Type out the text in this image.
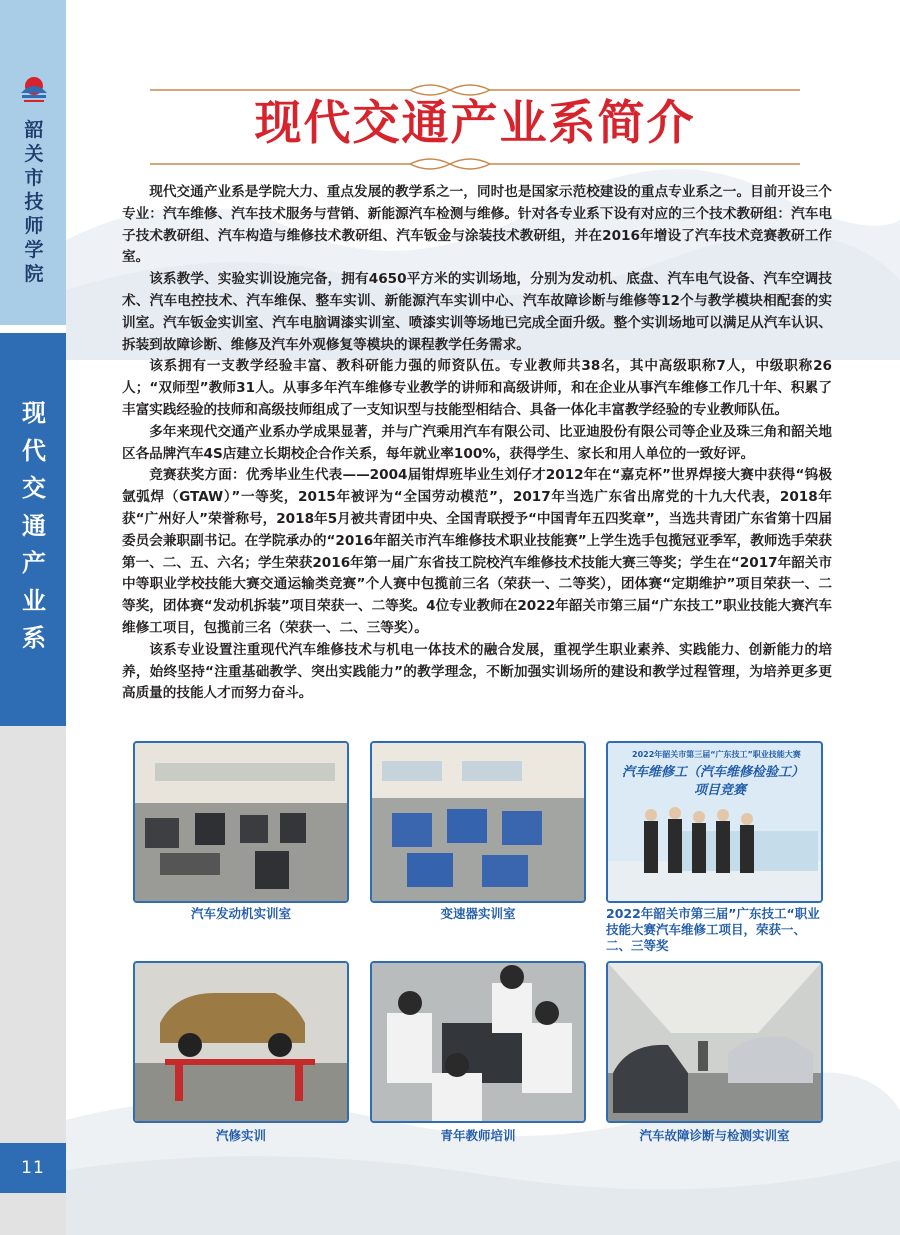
韶关市技师学院
现代交通产业系
11
现代交通产业系简介

现代交通产业系是学院大力、重点发展的教学系之一，同时也是国家示范校建设的重点专业系之一。目前开设三个专业：汽车维修、汽车技术服务与营销、新能源汽车检测与维修。针对各专业系下设有对应的三个技术教研组：汽车电子技术教研组、汽车构造与维修技术教研组、汽车钣金与涂装技术教研组，并在2016年增设了汽车技术竞赛教研工作室。

该系教学、实验实训设施完备，拥有4650平方米的实训场地，分别为发动机、底盘、汽车电气设备、汽车空调技术、汽车电控技术、汽车维保、整车实训、新能源汽车实训中心、汽车故障诊断与维修等12个与教学模块相配套的实训室。汽车钣金实训室、汽车电脑调漆实训室、喷漆实训等场地已完成全面升级。整个实训场地可以满足从汽车认识、拆装到故障诊断、维修及汽车外观修复等模块的课程教学任务需求。

该系拥有一支教学经验丰富、教科研能力强的师资队伍。专业教师共38名，其中高级职称7人，中级职称26人；“双师型”教师31人。从事多年汽车维修专业教学的讲师和高级讲师，和在企业从事汽车维修工作几十年、积累了丰富实践经验的技师和高级技师组成了一支知识型与技能型相结合、具备一体化丰富教学经验的专业教师队伍。

多年来现代交通产业系办学成果显著，并与广汽乘用汽车有限公司、比亚迪股份有限公司等企业及珠三角和韶关地区各品牌汽车4S店建立长期校企合作关系，每年就业率100%，获得学生、家长和用人单位的一致好评。

竞赛获奖方面：优秀毕业生代表——2004届钳焊班毕业生刘仔才2012年在“嘉克杯”世界焊接大赛中获得“钨极氩弧焊（GTAW）”一等奖，2015年被评为“全国劳动模范”，2017年当选广东省出席党的十九大代表，2018年获“广州好人”荣誉称号，2018年5月被共青团中央、全国青联授予“中国青年五四奖章”，当选共青团广东省第十四届委员会兼职副书记。在学院承办的“2016年韶关市汽车维修技术职业技能赛”上学生选手包揽冠亚季军，教师选手荣获第一、二、五、六名；学生荣获2016年第一届广东省技工院校汽车维修技术技能大赛三等奖；学生在“2017年韶关市中等职业学校技能大赛交通运输类竞赛”个人赛中包揽前三名（荣获一、二等奖），团体赛“定期维护”项目荣获一、二等奖，团体赛“发动机拆装”项目荣获一、二等奖。4位专业教师在2022年韶关市第三届“广东技工”职业技能大赛汽车维修工项目，包揽前三名（荣获一、二、三等奖）。

该系专业设置注重现代汽车维修技术与机电一体技术的融合发展，重视学生职业素养、实践能力、创新能力的培养，始终坚持“注重基础教学、突出实践能力”的教学理念，不断加强实训场所的建设和教学过程管理，为培养更多更高质量的技能人才而努力奋斗。

2022年韶关市第三届“广东技工”职业技能大赛
汽车维修工（汽车维修检验工）
项目竞赛
汽车发动机实训室	变速器实训室	2022年韶关市第三届”广东技工“职业技能大赛汽车维修工项目，荣获一、二、三等奖
汽修实训	青年教师培训	汽车故障诊断与检测实训室
